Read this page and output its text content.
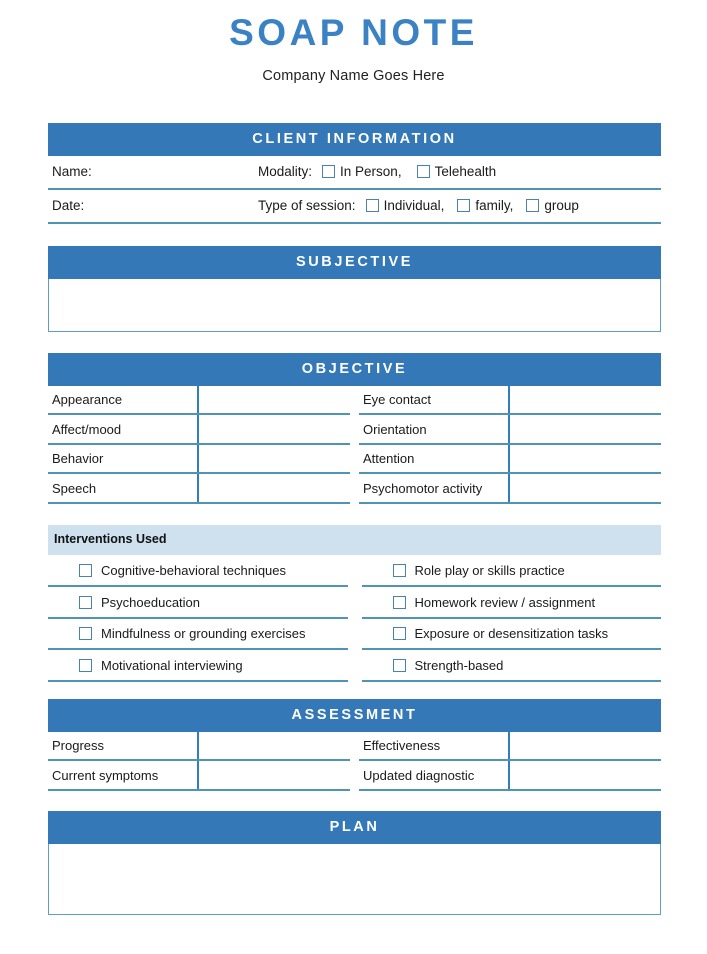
SOAP NOTE

Company Name Goes Here

CLIENT INFORMATION
Name:	Modality: In Person, Telehealth
Date:	Type of session: Individual, family, group
SUBJECTIVE
OBJECTIVE
Appearance
Affect/mood
Behavior
Speech
Eye contact
Orientation
Attention
Psychomotor activity
Interventions Used
Cognitive-behavioral techniques
Psychoeducation
Mindfulness or grounding exercises
Motivational interviewing
Role play or skills practice
Homework review / assignment
Exposure or desensitization tasks
Strength-based
ASSESSMENT
Progress
Current symptoms
Effectiveness
Updated diagnostic
PLAN
